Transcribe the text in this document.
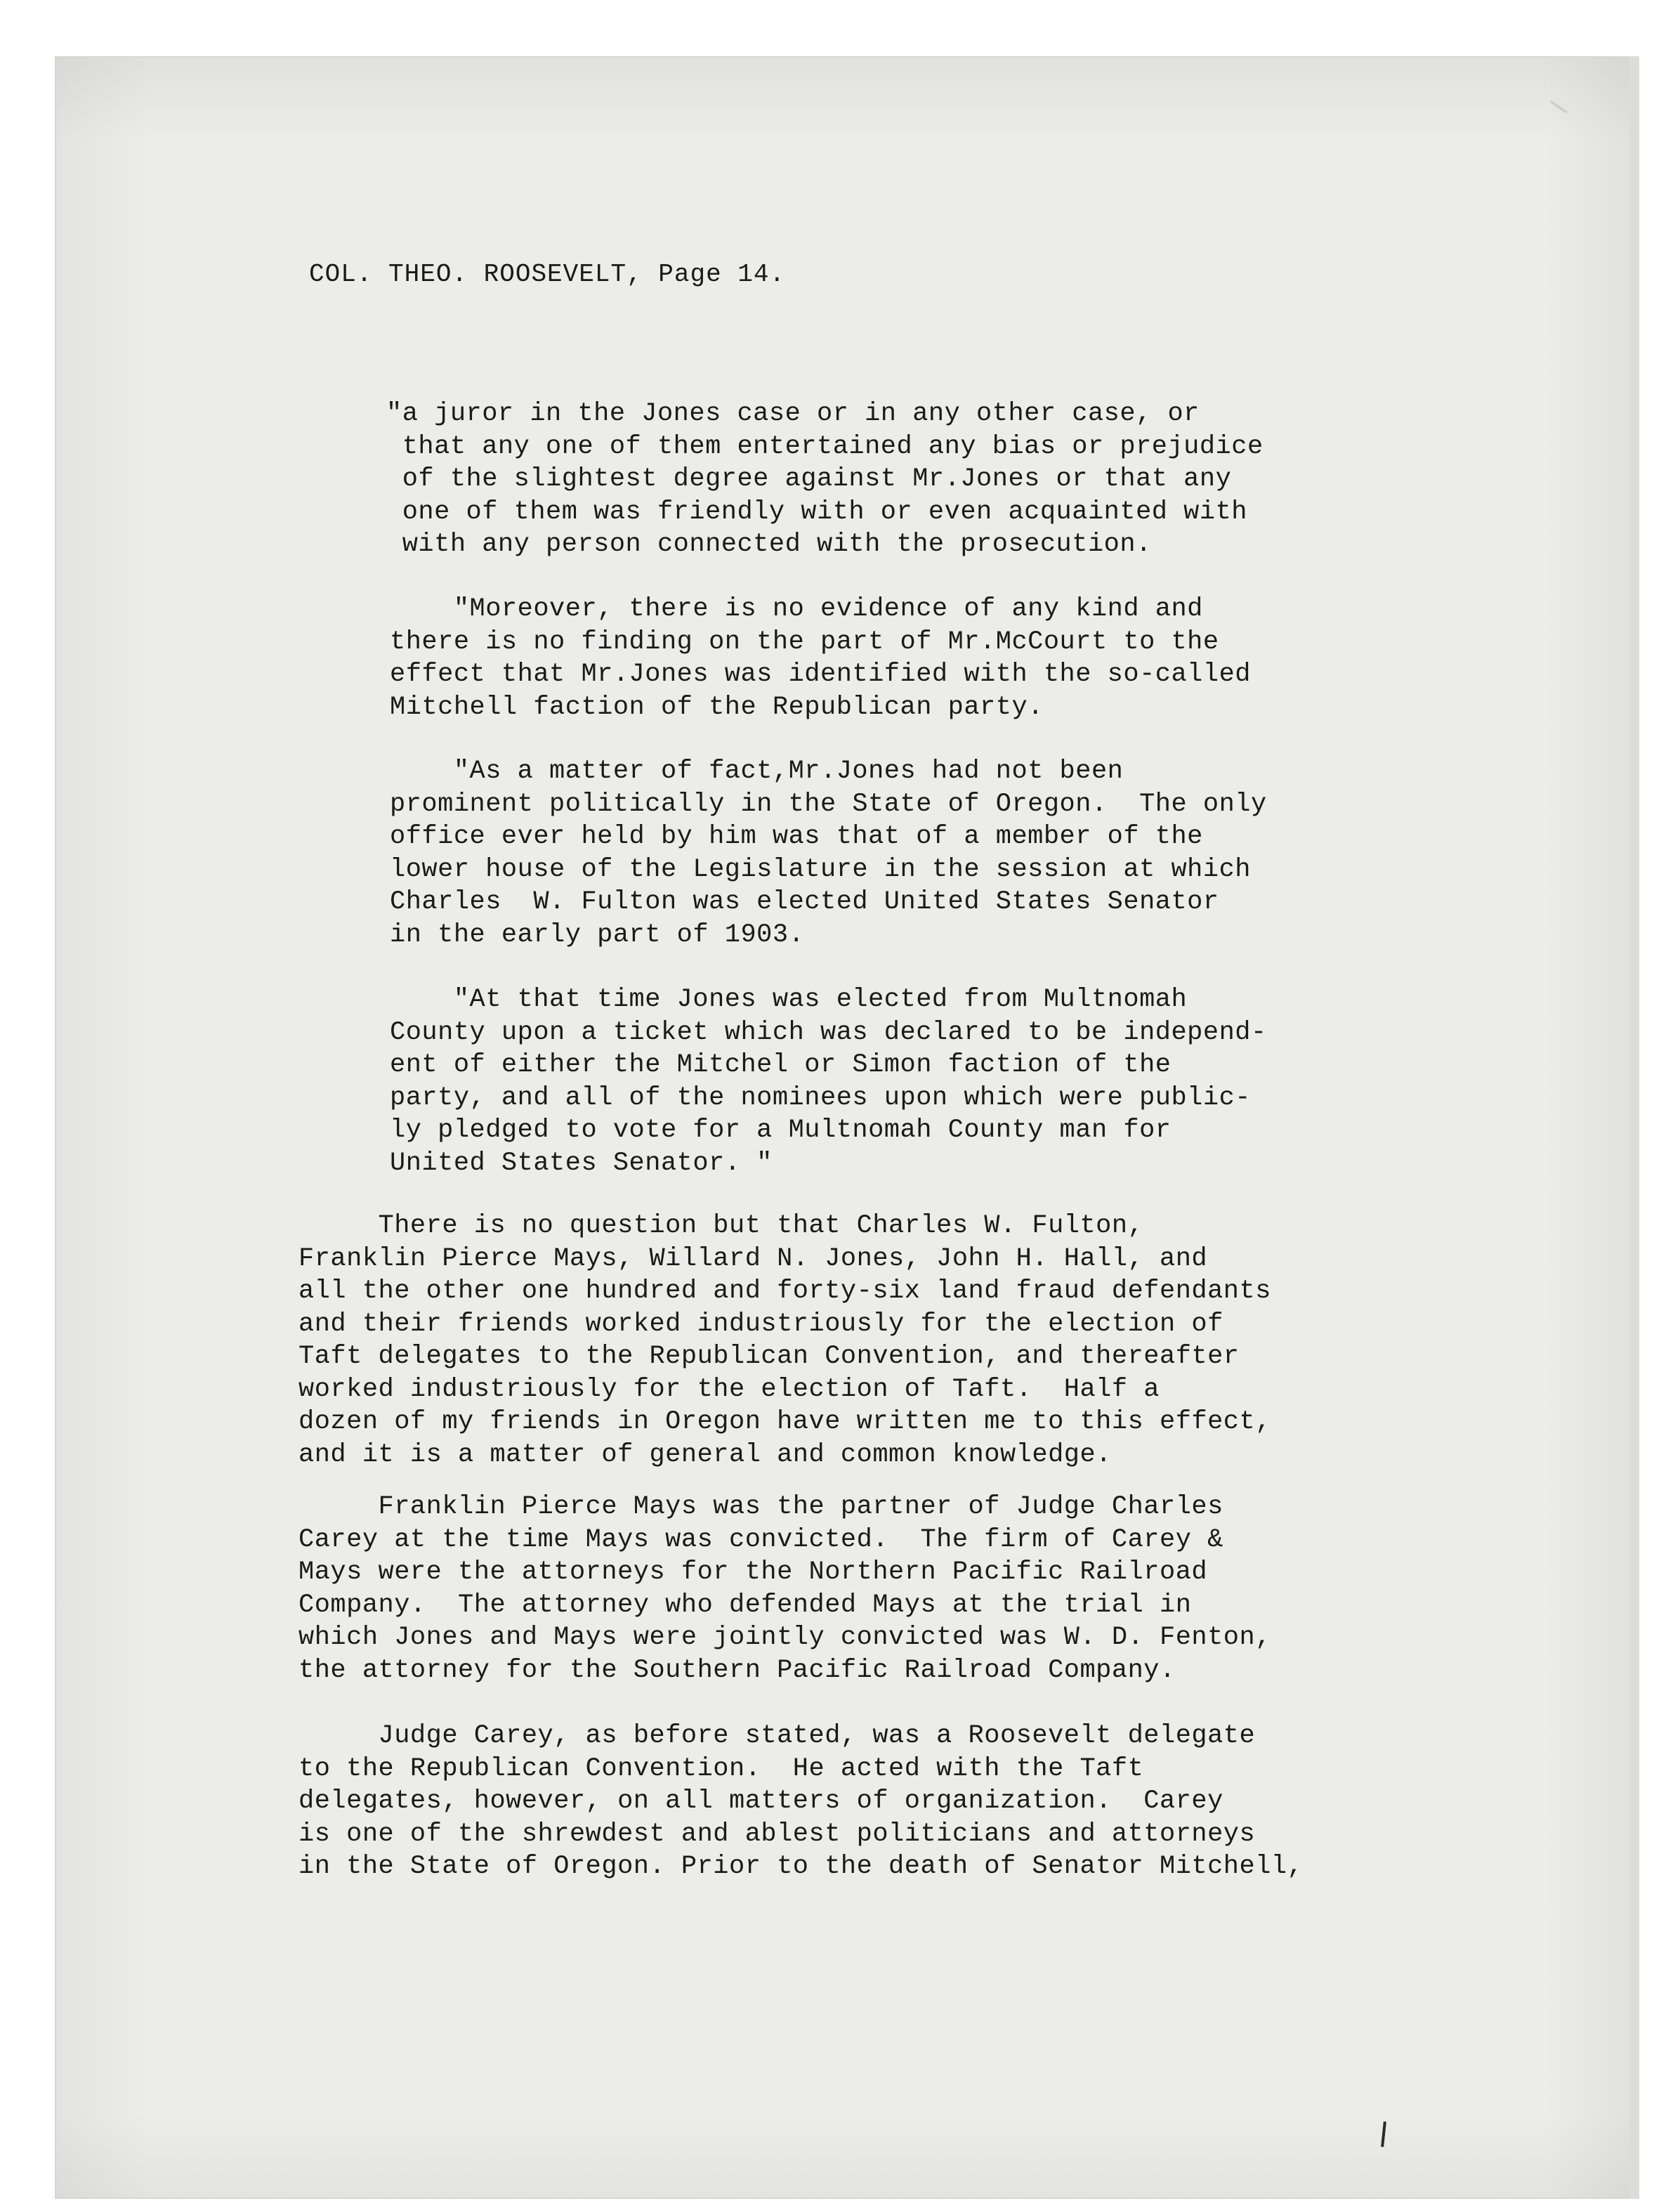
COL. THEO. ROOSEVELT, Page 14.

"a juror in the Jones case or in any other case, or
that any one of them entertained any bias or prejudice
of the slightest degree against Mr.Jones or that any
one of them was friendly with or even acquainted with
with any person connected with the prosecution.

"Moreover, there is no evidence of any kind and
there is no finding on the part of Mr.McCourt to the
effect that Mr.Jones was identified with the so-called
Mitchell faction of the Republican party.

"As a matter of fact,Mr.Jones had not been
prominent politically in the State of Oregon.  The only
office ever held by him was that of a member of the
lower house of the Legislature in the session at which
Charles  W. Fulton was elected United States Senator
in the early part of 1903.

"At that time Jones was elected from Multnomah
County upon a ticket which was declared to be independ-
ent of either the Mitchel or Simon faction of the
party, and all of the nominees upon which were public-
ly pledged to vote for a Multnomah County man for
United States Senator. "

There is no question but that Charles W. Fulton,
Franklin Pierce Mays, Willard N. Jones, John H. Hall, and
all the other one hundred and forty-six land fraud defendants
and their friends worked industriously for the election of
Taft delegates to the Republican Convention, and thereafter
worked industriously for the election of Taft.  Half a
dozen of my friends in Oregon have written me to this effect,
and it is a matter of general and common knowledge.

Franklin Pierce Mays was the partner of Judge Charles
Carey at the time Mays was convicted.  The firm of Carey &
Mays were the attorneys for the Northern Pacific Railroad
Company.  The attorney who defended Mays at the trial in
which Jones and Mays were jointly convicted was W. D. Fenton,
the attorney for the Southern Pacific Railroad Company.

Judge Carey, as before stated, was a Roosevelt delegate
to the Republican Convention.  He acted with the Taft
delegates, however, on all matters of organization.  Carey
is one of the shrewdest and ablest politicians and attorneys
in the State of Oregon. Prior to the death of Senator Mitchell,
